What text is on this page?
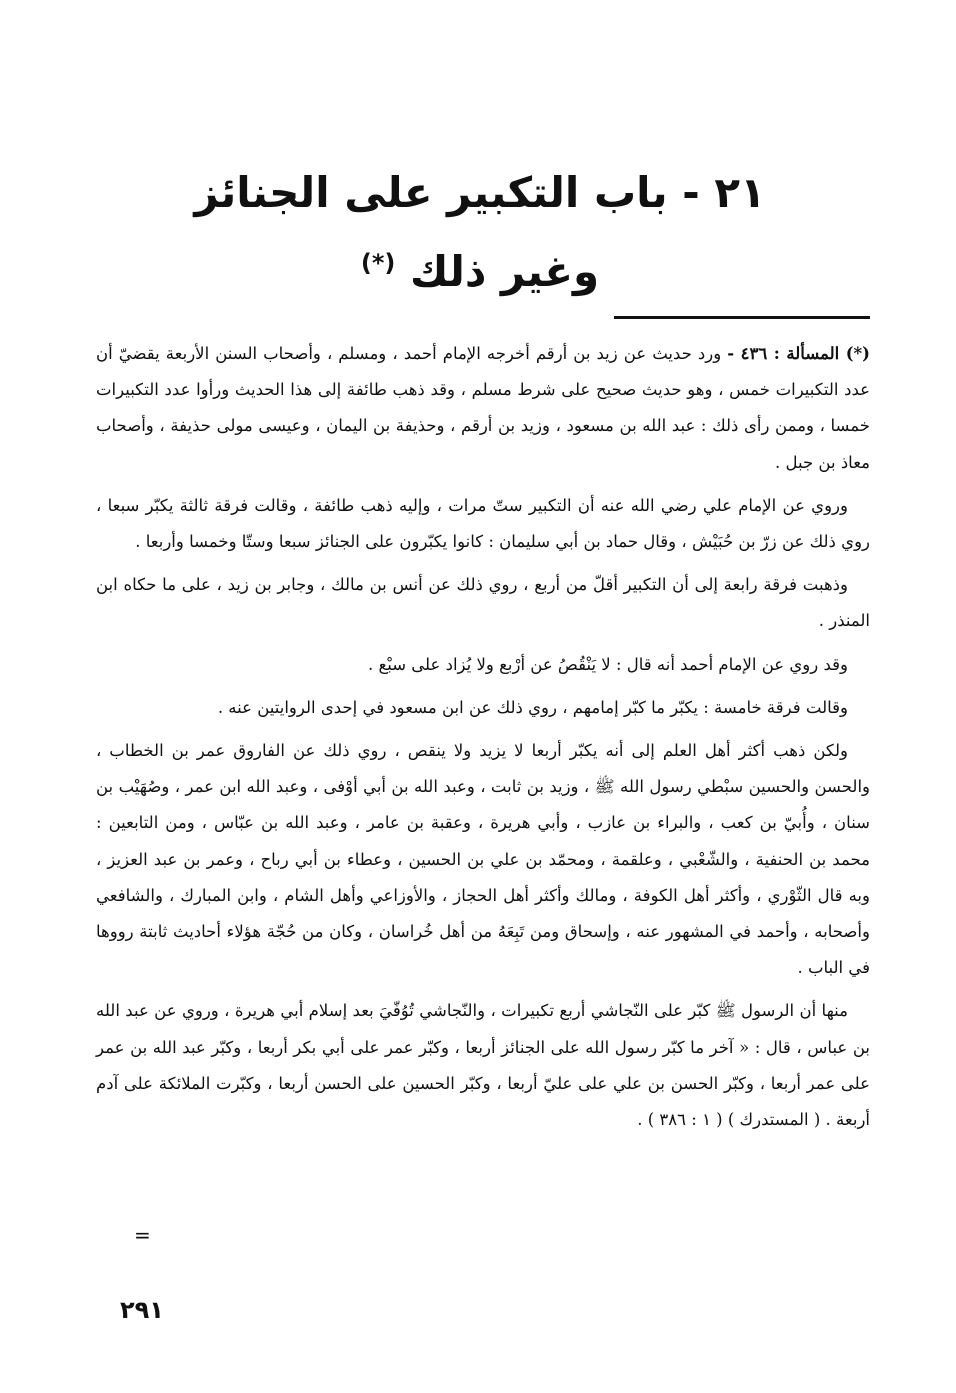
٢١ - باب التكبير على الجنائز
وغير ذلك (*)

(*) المسألة : ٤٣٦ - ورد حديث عن زيد بن أرقم أخرجه الإمام أحمد ، ومسلم ، وأصحاب السنن الأربعة يقضيّ أن عدد التكبيرات خمس ، وهو حديث صحيح على شرط مسلم ، وقد ذهب طائفة إلى هذا الحديث ورأوا عدد التكبيرات خمسا ، وممن رأى ذلك : عبد الله بن مسعود ، وزيد بن أرقم ، وحذيفة بن اليمان ، وعيسى مولى حذيفة ، وأصحاب معاذ بن جبل .

وروي عن الإمام علي رضي الله عنه أن التكبير ستّ مرات ، وإليه ذهب طائفة ، وقالت فرقة ثالثة يكبّر سبعا ، روي ذلك عن زرّ بن حُبَيْش ، وقال حماد بن أبي سليمان : كانوا يكبّرون على الجنائز سبعا وستّا وخمسا وأربعا .

وذهبت فرقة رابعة إلى أن التكبير أقلّ من أربع ، روي ذلك عن أنس بن مالك ، وجابر بن زيد ، على ما حكاه ابن المنذر .

وقد روي عن الإمام أحمد أنه قال : لا يَنْقُصُ عن أرْبع ولا يُزاد على سبْع .

وقالت فرقة خامسة : يكبّر ما كبّر إمامهم ، روي ذلك عن ابن مسعود في إحدى الروايتين عنه .

ولكن ذهب أكثر أهل العلم إلى أنه يكبّر أربعا لا يزيد ولا ينقص ، روي ذلك عن الفاروق عمر بن الخطاب ، والحسن والحسين سبْطي رسول الله ﷺ ، وزيد بن ثابت ، وعبد الله بن أبي أوْفى ، وعبد الله ابن عمر ، وصُهَيْب بن سنان ، وأُبيّ بن كعب ، والبراء بن عازب ، وأبي هريرة ، وعقبة بن عامر ، وعبد الله بن عبّاس ، ومن التابعين : محمد بن الحنفية ، والشّعْبي ، وعلقمة ، ومحمّد بن علي بن الحسين ، وعطاء بن أبي رباح ، وعمر بن عبد العزيز ، وبه قال الثّوْري ، وأكثر أهل الكوفة ، ومالك وأكثر أهل الحجاز ، والأوزاعي وأهل الشام ، وابن المبارك ، والشافعي وأصحابه ، وأحمد في المشهور عنه ، وإسحاق ومن تَبِعَهُ من أهل خُراسان ، وكان من حُجّة هؤلاء أحاديث ثابتة رووها في الباب .

منها أن الرسول ﷺ كبّر على النّجاشي أربع تكبيرات ، والنّجاشي تُوُفّيَ بعد إسلام أبي هريرة ، وروي عن عبد الله بن عباس ، قال : « آخر ما كبّر رسول الله على الجنائز أربعا ، وكبّر عمر على أبي بكر أربعا ، وكبّر عبد الله بن عمر على عمر أربعا ، وكبّر الحسن بن علي على عليّ أربعا ، وكبّر الحسين على الحسن أربعا ، وكبّرت الملائكة على آدم أربعة . ( المستدرك ) ( ١ : ٣٨٦ ) .

=
٢٩١
